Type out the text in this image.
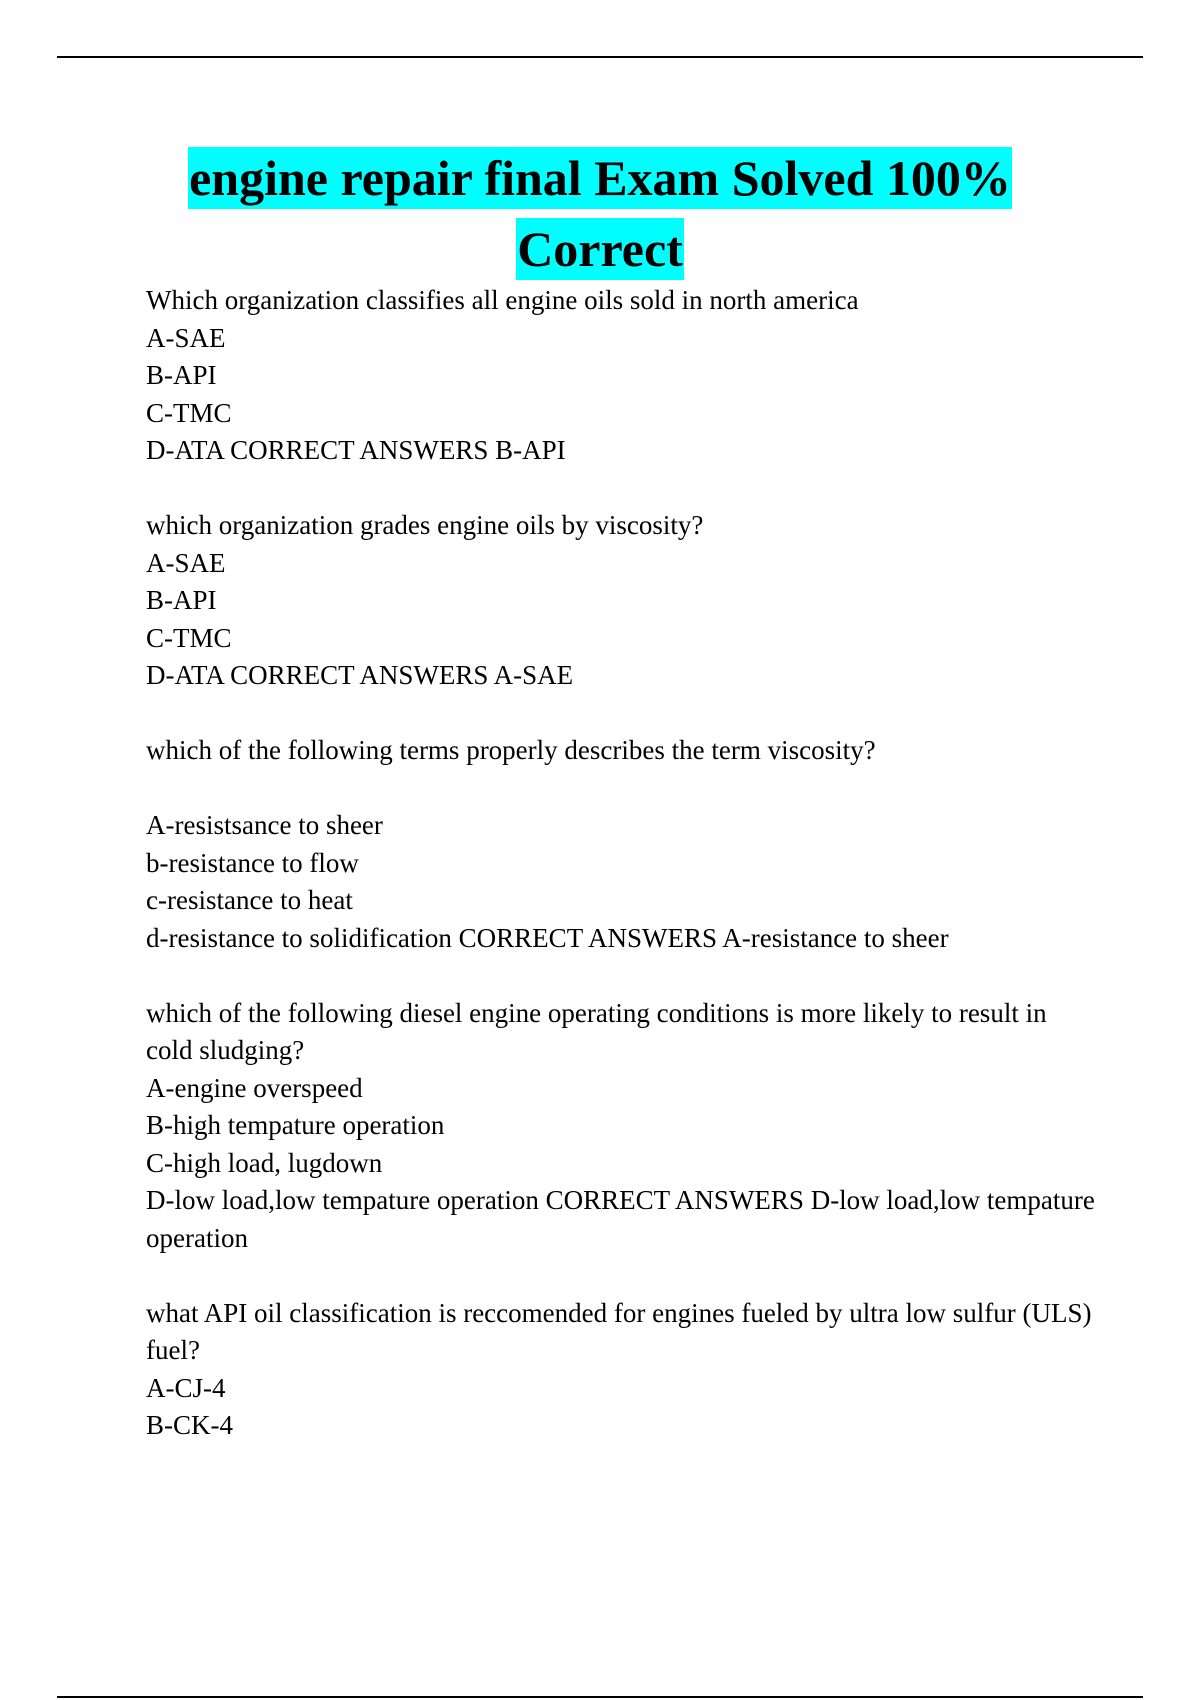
engine repair final Exam Solved 100%
Correct
Which organization classifies all engine oils sold in north america
A-SAE
B-API
C-TMC
D-ATA CORRECT ANSWERS B-API
which organization grades engine oils by viscosity?
A-SAE
B-API
C-TMC
D-ATA CORRECT ANSWERS A-SAE
which of the following terms properly describes the term viscosity?
A-resistsance to sheer
b-resistance to flow
c-resistance to heat
d-resistance to solidification CORRECT ANSWERS A-resistance to sheer
which of the following diesel engine operating conditions is more likely to result in cold sludging?
A-engine overspeed
B-high tempature operation
C-high load, lugdown
D-low load,low tempature operation CORRECT ANSWERS D-low load,low tempature operation
what API oil classification is reccomended for engines fueled by ultra low sulfur (ULS) fuel?
A-CJ-4
B-CK-4
